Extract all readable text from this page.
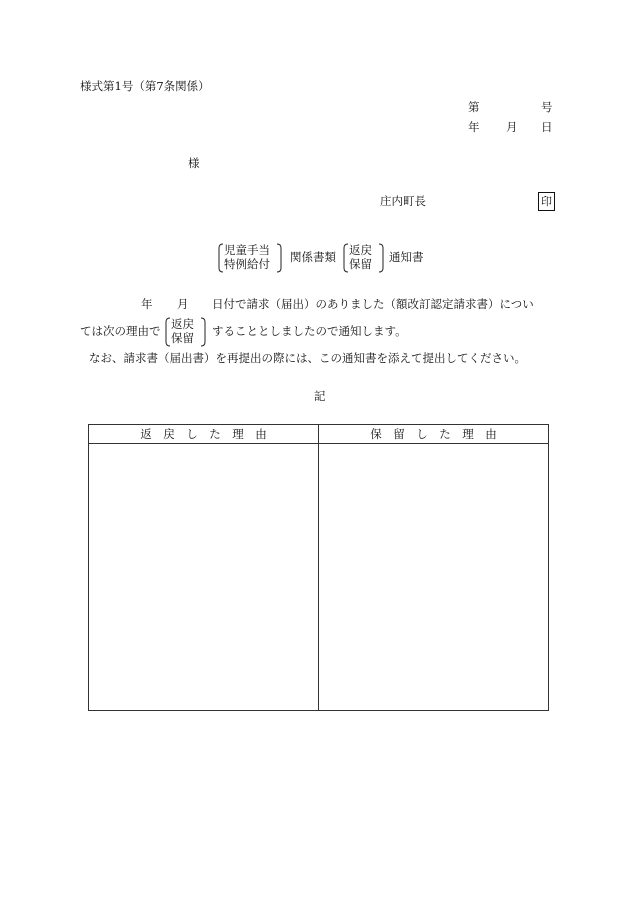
様式第1号（第7条関係）
第	号
年 月 日
様
庄内町長	印
児童手当
特例給付 関係書類 返戻
保留 通知書
年 月 日付で請求（届出）のありました（額改訂認定請求書）につい
ては次の理由で 返戻
保留 することとしましたので通知します。
なお、請求書（届出書）を再提出の際には、この通知書を添えて提出してください。
記
返　戻　し　た　理　由	保　留　し　た　理　由
